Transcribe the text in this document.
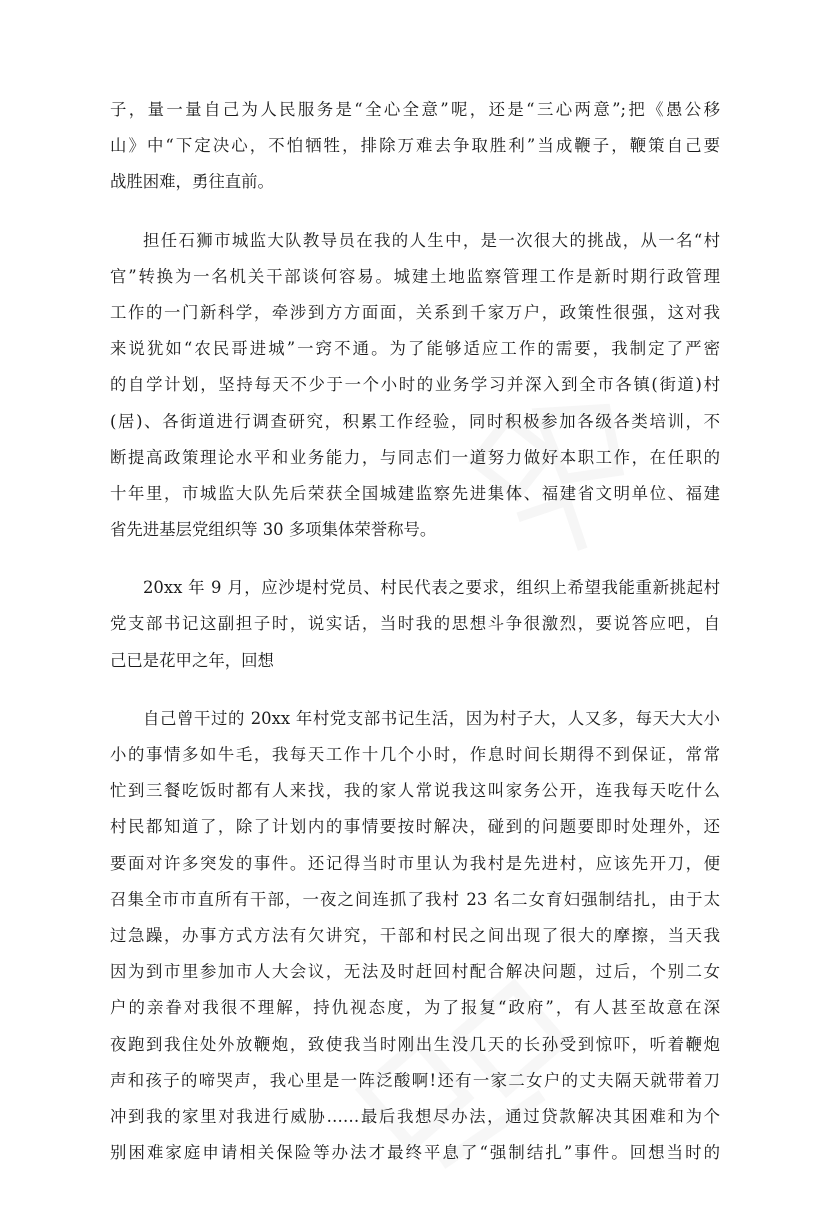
子，量一量自己为人民服务是“全心全意”呢，还是“三心两意”;把《愚公移
山》中“下定决心，不怕牺牲，排除万难去争取胜利”当成鞭子，鞭策自己要
战胜困难，勇往直前。
担任石狮市城监大队教导员在我的人生中，是一次很大的挑战，从一名“村
官”转换为一名机关干部谈何容易。城建土地监察管理工作是新时期行政管理
工作的一门新科学，牵涉到方方面面，关系到千家万户，政策性很强，这对我
来说犹如“农民哥进城”一窍不通。为了能够适应工作的需要，我制定了严密
的自学计划，坚持每天不少于一个小时的业务学习并深入到全市各镇(街道)村
(居)、各街道进行调查研究，积累工作经验，同时积极参加各级各类培训，不
断提高政策理论水平和业务能力，与同志们一道努力做好本职工作，在任职的
十年里，市城监大队先后荣获全国城建监察先进集体、福建省文明单位、福建
省先进基层党组织等 30 多项集体荣誉称号。
20xx 年 9 月，应沙堤村党员、村民代表之要求，组织上希望我能重新挑起村
党支部书记这副担子时，说实话，当时我的思想斗争很激烈，要说答应吧，自
己已是花甲之年，回想
自己曾干过的 20xx 年村党支部书记生活，因为村子大，人又多，每天大大小
小的事情多如牛毛，我每天工作十几个小时，作息时间长期得不到保证，常常
忙到三餐吃饭时都有人来找，我的家人常说我这叫家务公开，连我每天吃什么
村民都知道了，除了计划内的事情要按时解决，碰到的问题要即时处理外，还
要面对许多突发的事件。还记得当时市里认为我村是先进村，应该先开刀，便
召集全市市直所有干部，一夜之间连抓了我村 23 名二女育妇强制结扎，由于太
过急躁，办事方式方法有欠讲究，干部和村民之间出现了很大的摩擦，当天我
因为到市里参加市人大会议，无法及时赶回村配合解决问题，过后，个别二女
户的亲眷对我很不理解，持仇视态度，为了报复“政府”，有人甚至故意在深
夜跑到我住处外放鞭炮，致使我当时刚出生没几天的长孙受到惊吓，听着鞭炮
声和孩子的啼哭声，我心里是一阵泛酸啊!还有一家二女户的丈夫隔天就带着刀
冲到我的家里对我进行威胁……最后我想尽办法，通过贷款解决其困难和为个
别困难家庭申请相关保险等办法才最终平息了“强制结扎”事件。回想当时的
